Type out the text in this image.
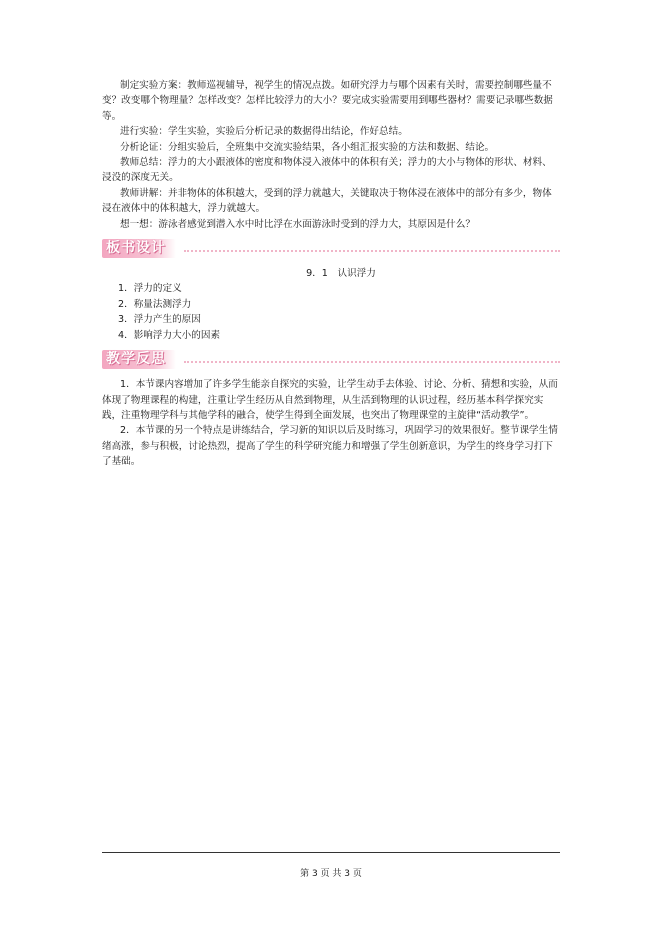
制定实验方案：教师巡视辅导，视学生的情况点拨。如研究浮力与哪个因素有关时，需要控制哪些量不变？改变哪个物理量？怎样改变？怎样比较浮力的大小？要完成实验需要用到哪些器材？需要记录哪些数据等。

进行实验：学生实验，实验后分析记录的数据得出结论，作好总结。

分析论证：分组实验后，全班集中交流实验结果，各小组汇报实验的方法和数据、结论。

教师总结：浮力的大小跟液体的密度和物体浸入液体中的体积有关；浮力的大小与物体的形状、材料、浸没的深度无关。

教师讲解：并非物体的体积越大，受到的浮力就越大，关键取决于物体浸在液体中的部分有多少，物体浸在液体中的体积越大，浮力就越大。

想一想：游泳者感觉到潜入水中时比浮在水面游泳时受到的浮力大，其原因是什么？

板书设计

9．1　认识浮力

1．浮力的定义
2．称量法测浮力
3．浮力产生的原因
4．影响浮力大小的因素
教学反思

1．本节课内容增加了许多学生能亲自探究的实验，让学生动手去体验、讨论、分析、猜想和实验，从而体现了物理课程的构建，注重让学生经历从自然到物理，从生活到物理的认识过程，经历基本科学探究实践，注重物理学科与其他学科的融合，使学生得到全面发展，也突出了物理课堂的主旋律“活动教学”。

2．本节课的另一个特点是讲练结合，学习新的知识以后及时练习，巩固学习的效果很好。整节课学生情绪高涨，参与积极，讨论热烈，提高了学生的科学研究能力和增强了学生创新意识，为学生的终身学习打下了基础。

第 3 页 共 3 页
